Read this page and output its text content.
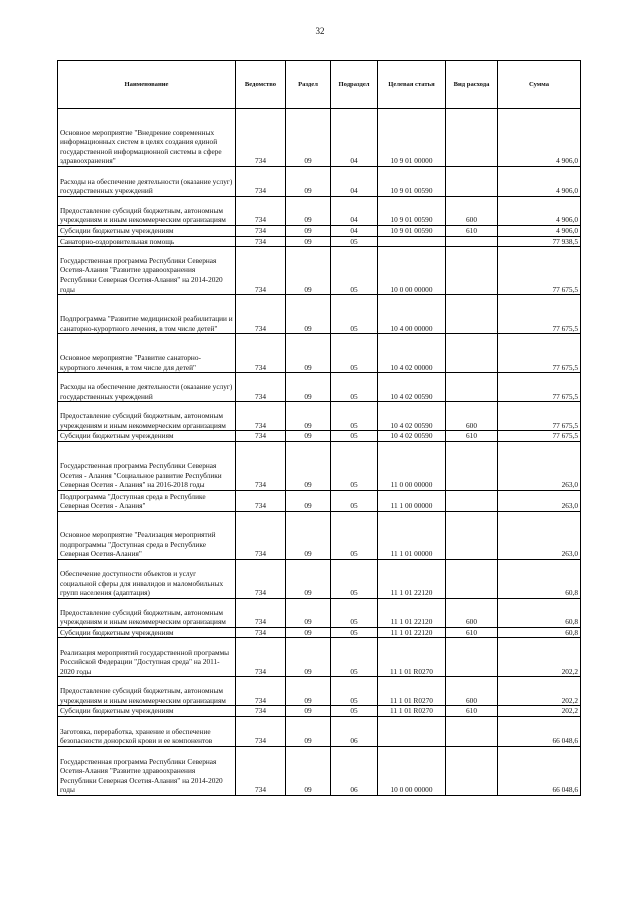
32
Наименование	Ведомство	Раздел	Подраздел	Целевая статья	Вид расхода	Сумма
Основное мероприятие "Внедрение современных информационных систем в целях создания единой государственной информационной системы в сфере здравоохранения"	734	09	04	10 9 01 00000		4 906,0
Расходы на обеспечение деятельности (оказание услуг) государственных учреждений	734	09	04	10 9 01 00590		4 906,0
Предоставление субсидий бюджетным, автономным учреждениям и иным некоммерческим организациям	734	09	04	10 9 01 00590	600	4 906,0
Субсидии бюджетным учреждениям	734	09	04	10 9 01 00590	610	4 906,0
Санаторно-оздоровительная помощь	734	09	05			77 938,5
Государственная программа Республики Северная Осетия-Алания "Развитие здравоохранения Республики Северная Осетия-Алания" на 2014-2020 годы	734	09	05	10 0 00 00000		77 675,5
Подпрограмма "Развитие медицинской реабилитации и санаторно-курортного лечения, в том числе детей"	734	09	05	10 4 00 00000		77 675,5
Основное мероприятие "Развитие санаторно-курортного лечения, в том числе для детей"	734	09	05	10 4 02 00000		77 675,5
Расходы на обеспечение деятельности (оказание услуг) государственных учреждений	734	09	05	10 4 02 00590		77 675,5
Предоставление субсидий бюджетным, автономным учреждениям и иным некоммерческим организациям	734	09	05	10 4 02 00590	600	77 675,5
Субсидии бюджетным учреждениям	734	09	05	10 4 02 00590	610	77 675,5
Государственная программа Республики Северная Осетия - Алания "Социальное развитие Республики Северная Осетия - Алания" на 2016-2018 годы	734	09	05	11 0 00 00000		263,0
Подпрограмма "Доступная среда в Республике Северная Осетия - Алания"	734	09	05	11 1 00 00000		263,0
Основное мероприятие "Реализация мероприятий подпрограммы "Доступная среда в Республике Северная Осетия-Алания"	734	09	05	11 1 01 00000		263,0
Обеспечение доступности объектов и услуг социальной сферы для инвалидов и маломобильных групп населения (адаптация)	734	09	05	11 1 01 22120		60,8
Предоставление субсидий бюджетным, автономным учреждениям и иным некоммерческим организациям	734	09	05	11 1 01 22120	600	60,8
Субсидии бюджетным учреждениям	734	09	05	11 1 01 22120	610	60,8
Реализация мероприятий государственной программы Российской Федерации "Доступная среда" на 2011-2020 годы	734	09	05	11 1 01 R0270		202,2
Предоставление субсидий бюджетным, автономным учреждениям и иным некоммерческим организациям	734	09	05	11 1 01 R0270	600	202,2
Субсидии бюджетным учреждениям	734	09	05	11 1 01 R0270	610	202,2
Заготовка, переработка, хранение и обеспечение безопасности донорской крови и ее компонентов	734	09	06			66 048,6
Государственная программа Республики Северная Осетия-Алания "Развитие здравоохранения Республики Северная Осетия-Алания" на 2014-2020 годы	734	09	06	10 0 00 00000		66 048,6
